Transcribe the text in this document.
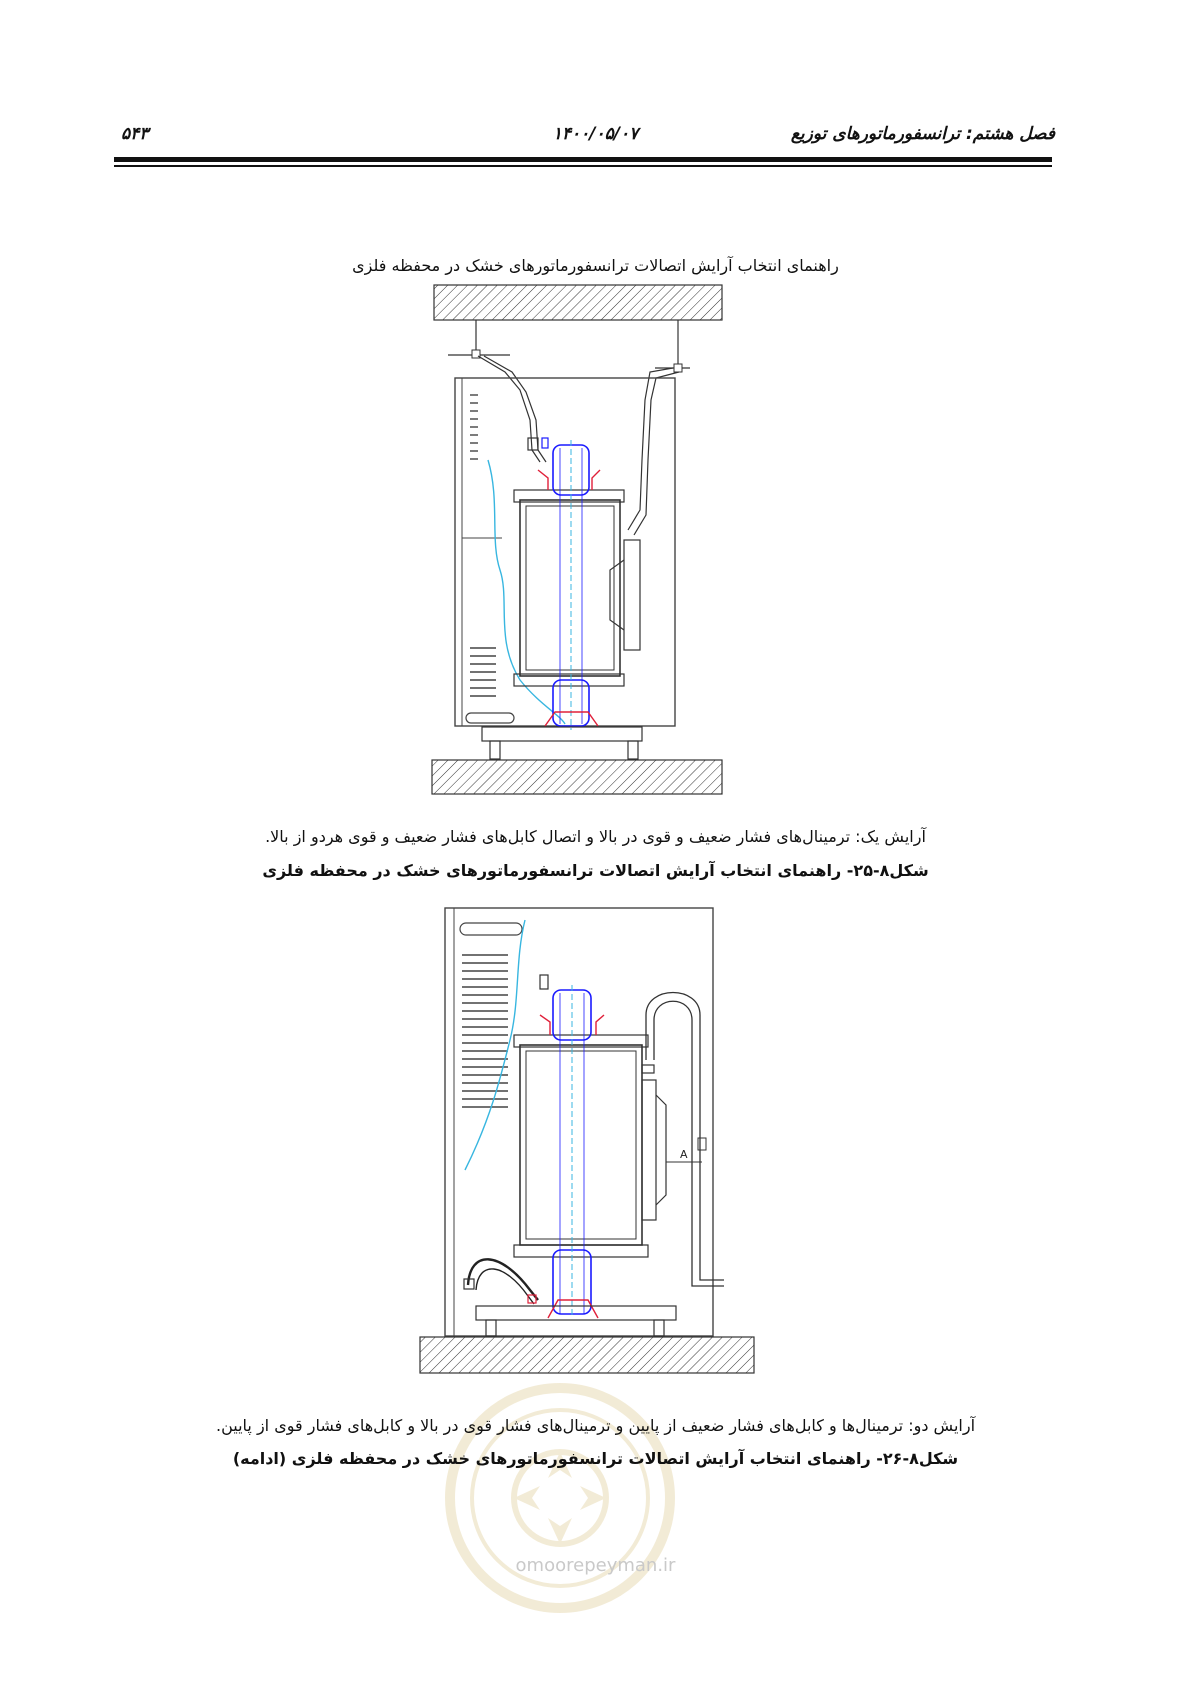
فصل هشتم: ترانسفورماتورهای توزیع
۱۴۰۰/۰۵/۰۷
۵۴۳
راهنمای انتخاب آرایش اتصالات ترانسفورماتورهای خشک در محفظه فلزی
آرایش یک: ترمینال‌های فشار ضعیف و قوی در بالا و اتصال کابل‌های فشار ضعیف و قوی هردو از بالا.
شکل۸-۲۵- راهنمای انتخاب آرایش اتصالات ترانسفورماتورهای خشک در محفظه فلزی
A
omoorepeyman.ir
آرایش دو: ترمینال‌ها و کابل‌های فشار ضعیف از پایین و ترمینال‌های فشار قوی در بالا و کابل‌های فشار قوی از پایین.
شکل۸-۲۶- راهنمای انتخاب آرایش اتصالات ترانسفورماتورهای خشک در محفظه فلزی (ادامه)
